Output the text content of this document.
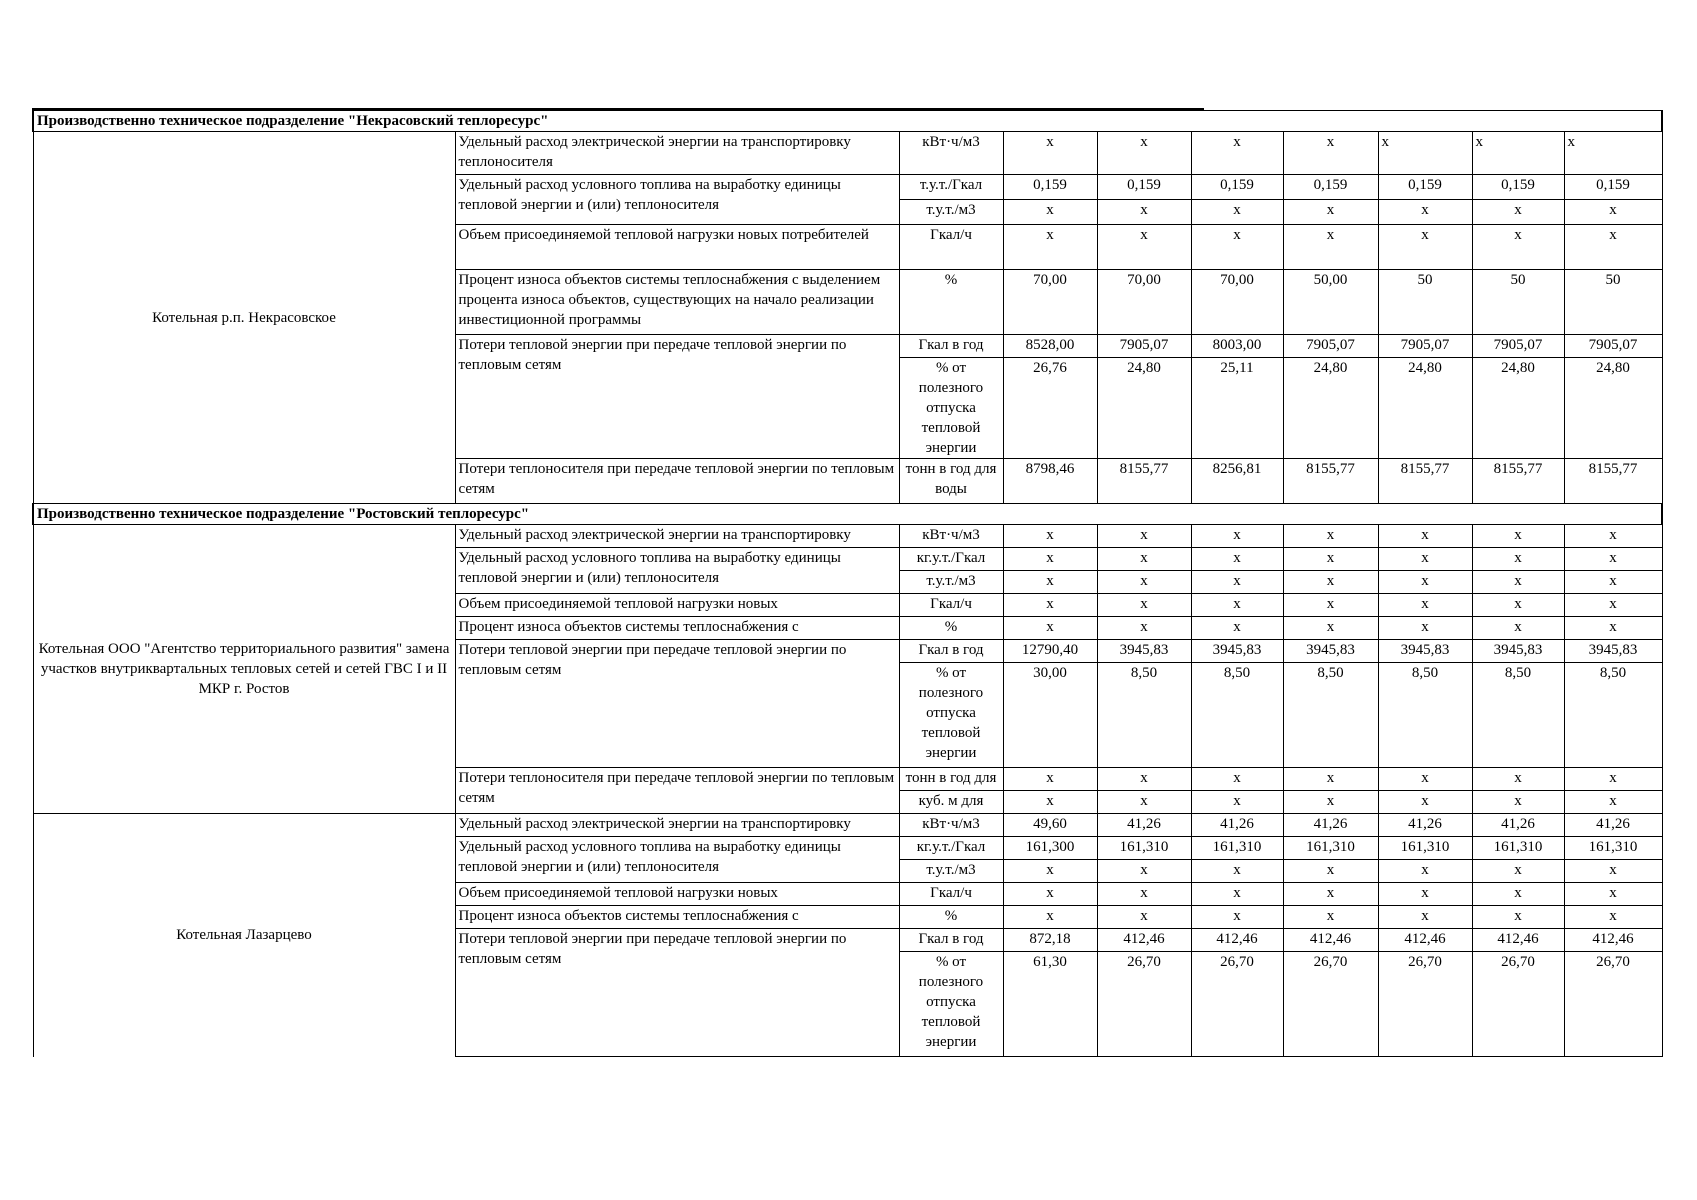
Производственно техническое подразделение "Некрасовский теплоресурс"									
Котельная р.п. Некрасовское	Удельный расход электрической энергии на транспортировку теплоносителя	кВт·ч/м3	х	х	х	х	х	х	х
	Удельный расход условного топлива на выработку единицы тепловой энергии и (или) теплоносителя	т.у.т./Гкал	0,159	0,159	0,159	0,159	0,159	0,159	0,159
		т.у.т./м3	х	х	х	х	х	х	х
	Объем присоединяемой тепловой нагрузки новых потребителей	Гкал/ч	х	х	х	х	х	х	х
	Процент износа объектов системы теплоснабжения с выделением процента износа объектов, существующих на начало реализации инвестиционной программы	%	70,00	70,00	70,00	50,00	50	50	50
	Потери тепловой энергии при передаче тепловой энергии по тепловым сетям	Гкал в год	8528,00	7905,07	8003,00	7905,07	7905,07	7905,07	7905,07
		% от полезного отпуска тепловой энергии	26,76	24,80	25,11	24,80	24,80	24,80	24,80
	Потери теплоносителя при передаче тепловой энергии по тепловым сетям	тонн в год для воды	8798,46	8155,77	8256,81	8155,77	8155,77	8155,77	8155,77
Производственно техническое подразделение "Ростовский теплоресурс"									
Котельная ООО "Агентство территориального развития" замена участков внутриквартальных тепловых сетей и сетей ГВС I и II МКР г. Ростов	Удельный расход электрической энергии на транспортировку	кВт·ч/м3	х	х	х	х	х	х	х
	Удельный расход условного топлива на выработку единицы тепловой энергии и (или) теплоносителя	кг.у.т./Гкал	х	х	х	х	х	х	х
		т.у.т./м3	х	х	х	х	х	х	х
	Объем присоединяемой тепловой нагрузки новых	Гкал/ч	х	х	х	х	х	х	х
	Процент износа объектов системы теплоснабжения с	%	х	х	х	х	х	х	х
	Потери тепловой энергии при передаче тепловой энергии по тепловым сетям	Гкал в год	12790,40	3945,83	3945,83	3945,83	3945,83	3945,83	3945,83
		% от полезного отпуска тепловой энергии	30,00	8,50	8,50	8,50	8,50	8,50	8,50
	Потери теплоносителя при передаче тепловой энергии по тепловым сетям	тонн в год для	х	х	х	х	х	х	х
		куб. м для	х	х	х	х	х	х	х
Котельная Лазарцево	Удельный расход электрической энергии на транспортировку	кВт·ч/м3	49,60	41,26	41,26	41,26	41,26	41,26	41,26
	Удельный расход условного топлива на выработку единицы тепловой энергии и (или) теплоносителя	кг.у.т./Гкал	161,300	161,310	161,310	161,310	161,310	161,310	161,310
		т.у.т./м3	х	х	х	х	х	х	х
	Объем присоединяемой тепловой нагрузки новых	Гкал/ч	х	х	х	х	х	х	х
	Процент износа объектов системы теплоснабжения с	%	х	х	х	х	х	х	х
	Потери тепловой энергии при передаче тепловой энергии по тепловым сетям	Гкал в год	872,18	412,46	412,46	412,46	412,46	412,46	412,46
		% от полезного отпуска тепловой энергии	61,30	26,70	26,70	26,70	26,70	26,70	26,70
